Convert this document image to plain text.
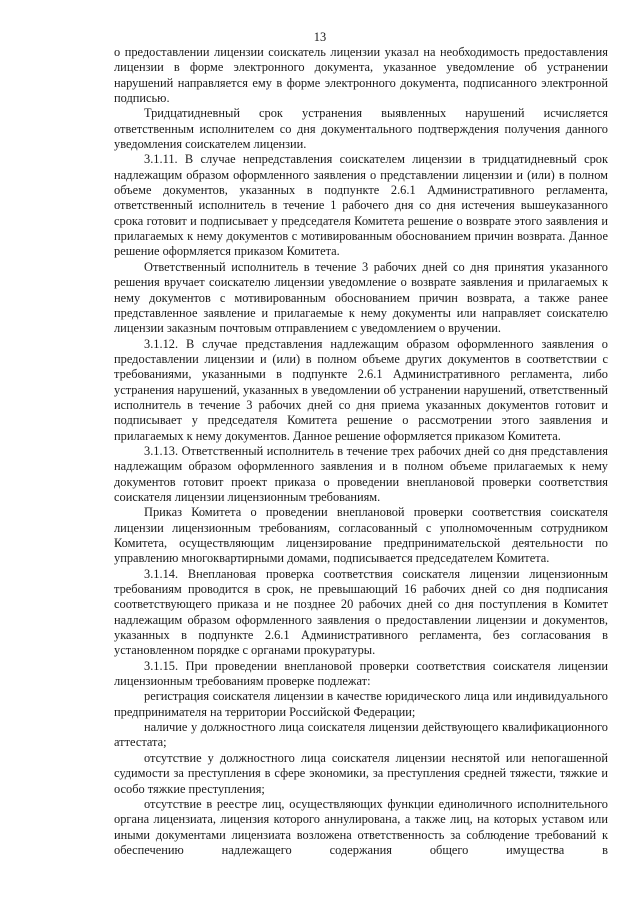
13

о предоставлении лицензии соискатель лицензии указал на необходимость предоставления лицензии в форме электронного документа, указанное уведомление об устранении нарушений направляется ему в форме электронного документа, подписанного электронной подписью.

Тридцатидневный срок устранения выявленных нарушений исчисляется ответственным исполнителем со дня документального подтверждения получения данного уведомления соискателем лицензии.

3.1.11. В случае непредставления соискателем лицензии в тридцатидневный срок надлежащим образом оформленного заявления о представлении лицензии и (или) в полном объеме документов, указанных в подпункте 2.6.1 Административного регламента, ответственный исполнитель в течение 1 рабочего дня со дня истечения вышеуказанного срока готовит и подписывает у председателя Комитета решение о возврате этого заявления и прилагаемых к нему документов с мотивированным обоснованием причин возврата. Данное решение оформляется приказом Комитета.

Ответственный исполнитель в течение 3 рабочих дней со дня принятия указанного решения вручает соискателю лицензии уведомление о возврате заявления и прилагаемых к нему документов с мотивированным обоснованием причин возврата, а также ранее представленное заявление и прилагаемые к нему документы или направляет соискателю лицензии заказным почтовым отправлением с уведомлением о вручении.

3.1.12. В случае представления надлежащим образом оформленного заявления о предоставлении лицензии и (или) в полном объеме других документов в соответствии с требованиями, указанными в подпункте 2.6.1 Административного регламента, либо устранения нарушений, указанных в уведомлении об устранении нарушений, ответственный исполнитель в течение 3 рабочих дней со дня приема указанных документов готовит и подписывает у председателя Комитета решение о рассмотрении этого заявления и прилагаемых к нему документов. Данное решение оформляется приказом Комитета.

3.1.13. Ответственный исполнитель в течение трех рабочих дней со дня представления надлежащим образом оформленного заявления и в полном объеме прилагаемых к нему документов готовит проект приказа о проведении внеплановой проверки соответствия соискателя лицензии лицензионным требованиям.

Приказ Комитета о проведении внеплановой проверки соответствия соискателя лицензии лицензионным требованиям, согласованный с уполномоченным сотрудником Комитета, осуществляющим лицензирование предпринимательской деятельности по управлению многоквартирными домами, подписывается председателем Комитета.

3.1.14. Внеплановая проверка соответствия соискателя лицензии лицензионным требованиям проводится в срок, не превышающий 16 рабочих дней со дня подписания соответствующего приказа и не позднее 20 рабочих дней со дня поступления в Комитет надлежащим образом оформленного заявления о предоставлении лицензии и документов, указанных в подпункте 2.6.1 Административного регламента, без согласования в установленном порядке с органами прокуратуры.

3.1.15. При проведении внеплановой проверки соответствия соискателя лицензии лицензионным требованиям проверке подлежат:

регистрация соискателя лицензии в качестве юридического лица или индивидуального предпринимателя на территории Российской Федерации;

наличие у должностного лица соискателя лицензии действующего квалификационного аттестата;

отсутствие у должностного лица соискателя лицензии неснятой или непогашенной судимости за преступления в сфере экономики, за преступления средней тяжести, тяжкие и особо тяжкие преступления;

отсутствие в реестре лиц, осуществляющих функции единоличного исполнительного органа лицензиата, лицензия которого аннулирована, а также лиц, на которых уставом или иными документами лицензиата возложена ответственность за соблюдение требований к обеспечению надлежащего содержания общего имущества в
